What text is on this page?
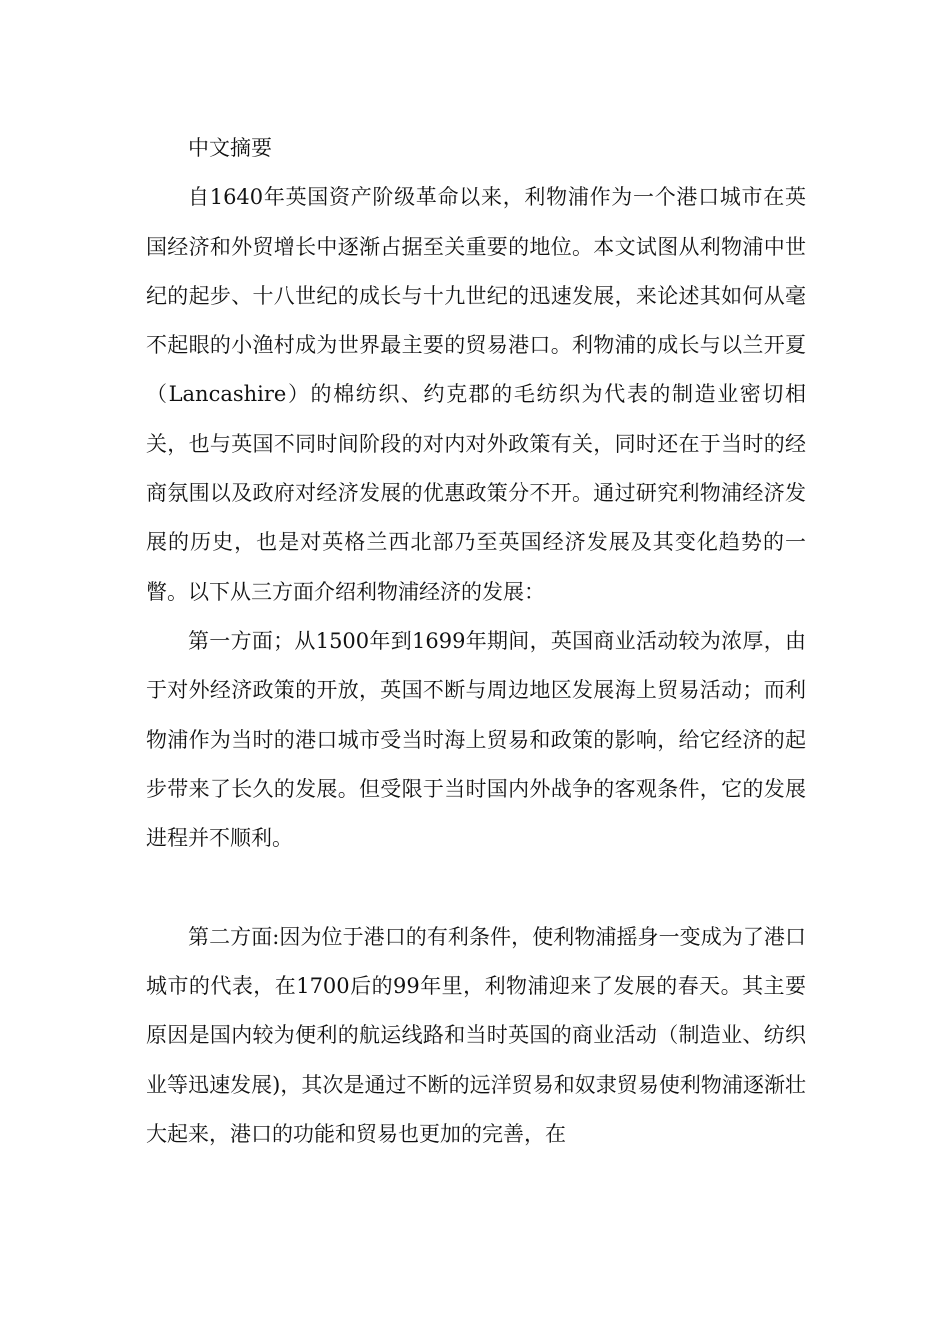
中文摘要

自1640年英国资产阶级革命以来，利物浦作为一个港口城市在英国经济和外贸增长中逐渐占据至关重要的地位。本文试图从利物浦中世纪的起步、十八世纪的成长与十九世纪的迅速发展，来论述其如何从毫不起眼的小渔村成为世界最主要的贸易港口。利物浦的成长与以兰开夏（Lancashire）的棉纺织、约克郡的毛纺织为代表的制造业密切相关，也与英国不同时间阶段的对内对外政策有关，同时还在于当时的经商氛围以及政府对经济发展的优惠政策分不开。通过研究利物浦经济发展的历史，也是对英格兰西北部乃至英国经济发展及其变化趋势的一瞥。以下从三方面介绍利物浦经济的发展：

第一方面；从1500年到1699年期间，英国商业活动较为浓厚，由于对外经济政策的开放，英国不断与周边地区发展海上贸易活动；而利物浦作为当时的港口城市受当时海上贸易和政策的影响，给它经济的起步带来了长久的发展。但受限于当时国内外战争的客观条件，它的发展进程并不顺利。

第二方面:因为位于港口的有利条件，使利物浦摇身一变成为了港口城市的代表，在1700后的99年里，利物浦迎来了发展的春天。其主要原因是国内较为便利的航运线路和当时英国的商业活动（制造业、纺织业等迅速发展)，其次是通过不断的远洋贸易和奴隶贸易使利物浦逐渐壮大起来，港口的功能和贸易也更加的完善，在
